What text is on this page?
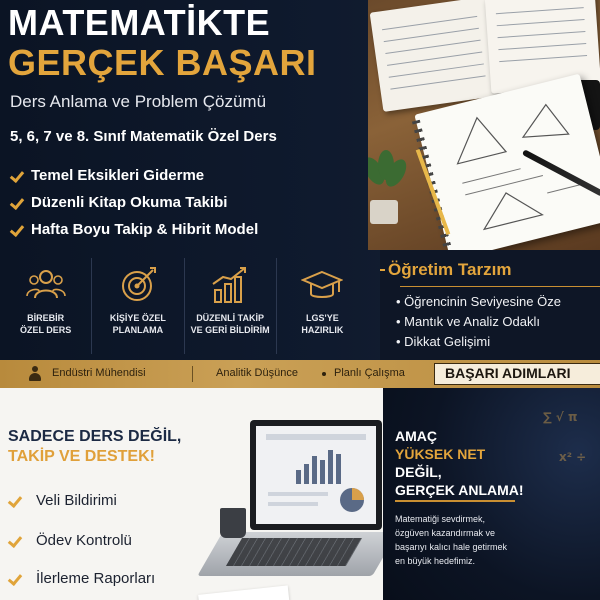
MATEMATİKTE
GERÇEK BAŞARI
Ders Anlama ve Problem Çözümü
5, 6, 7 ve 8. Sınıf Matematik Özel Ders
Temel Eksikleri Giderme
Düzenli Kitap Okuma Takibi
Hafta Boyu Takip & Hibrit Model
BİREBİR
ÖZEL DERS
KİŞİYE ÖZEL
PLANLAMA
DÜZENLİ TAKİP
VE GERİ BİLDİRİM
LGS'YE
HAZIRLIK
Öğretim Tarzım
• Öğrencinin Seviyesine Öze
• Mantık ve Analiz Odaklı
• Dikkat Gelişimi
Endüstri Mühendisi	Analitik Düşünce	Planlı Çalışma	BAŞARI ADIMLARI
SADECE DERS DEĞİL,
TAKİP VE DESTEK!
Veli Bildirimi
Ödev Kontrolü
İlerleme Raporları
∑ √ π
x² ÷
AMAÇ
YÜKSEK NET
DEĞİL,
GERÇEK ANLAMA!
Matematiği sevdirmek,
özgüven kazandırmak ve
başarıyı kalıcı hale getirmek
en büyük hedefimiz.
